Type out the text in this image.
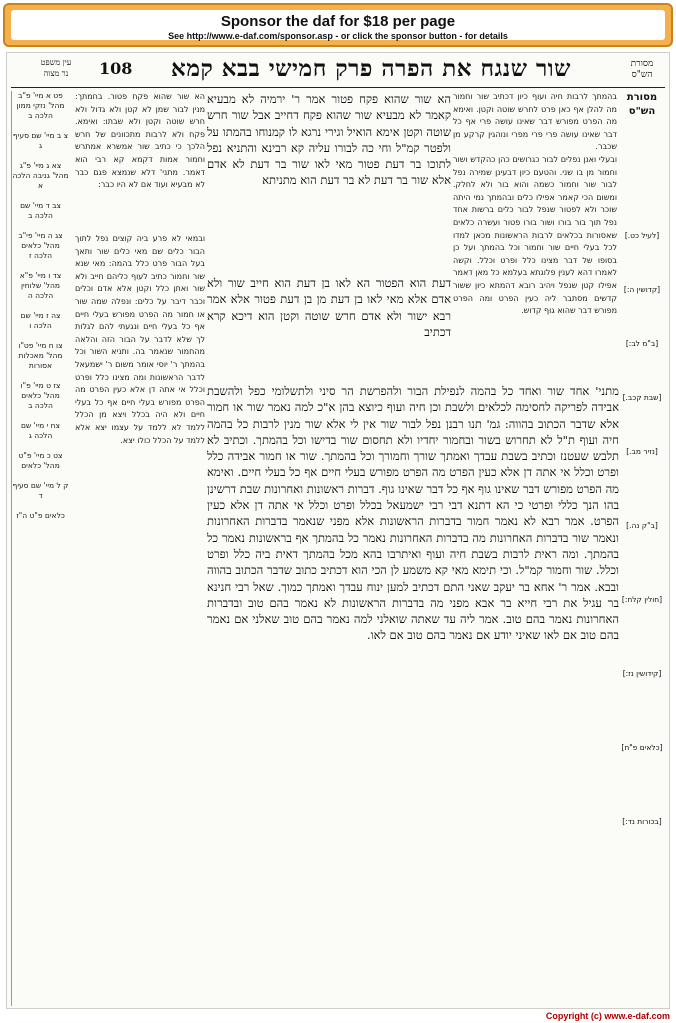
Sponsor the daf for $18 per page
See http://www.e-daf.com/sponsor.asp - or click the sponsor button - for details
עין משפט
נר מצוה	108	שור שנגח את הפרה פרק חמישי בבא קמא	מסורת
הש"ס
פט א מיי' פ"ב מהל' נזקי ממון הלכה ב
צ ב מיי' שם סעיף ג
צא ג מיי' פ"ג מהל' גניבה הלכה א
צב ד מיי' שם הלכה ב
צג ה מיי' פי"ב מהל' כלאים הלכה ז
צד ו מיי' פ"א מהל' שלוחין הלכה ה
צה ז מיי' שם הלכה ו
צו ח מיי' פט"ו מהל' מאכלות אסורות
צז ט מיי' פ"ו מהל' כלאים הלכה ב
צח י מיי' שם הלכה ג
צט כ מיי' פ"ט מהל' כלאים
ק ל מיי' שם סעיף ד
כלאים פ"ט ה"ז
הא שור שהוא פקח פטור. בחמתך: מנין לבור שמן לא קטן ולא גדול ולא חרש שוטה וקטן ולא שבתו: ואימא. פקח ולא לרבות מתכוונים של חרש הלכך כי כתיב שור אמשרא אמתרש וחמור אמות דקמא קא רבי הוא דאמר. מתני' דלא שנמצא פגם כבר לא מבעיא ועוד אם לא היו כבר:
ובמאי לא פרע ביה קוצים נפל לתוך הבור כלים שם מאי כלים שור ותאך בעל הבור פרט כלל בהמה: מאי שנא שור וחמור כתיב לעוף כליהם חייב ולא שור ואתן כלל וקטן אלא אדם וכלים וכבר דיבר על כלים: ונפלה שמה שור או חמור מה הפרט מפורש בעלי חיים אף כל בעלי חיים ונגעתי להם לגלות לך שלא לדבר על הבור הזה והלאה מהחמור שנאמר בה. ותניא השור וכל בהמתך ר' יוסי אומר משום ר' ישמעאל לדבר הראשונות ומה מצינו כלל ופרט וכלל אי אתה דן אלא כעין הפרט מה הפרט מפורש בעלי חיים אף כל בעלי חיים ולא היה בכלל ויצא מן הכלל ללמד לא ללמד על עצמו יצא אלא ללמד על הכלל כולו יצא.
הא שור שהוא פקח פטור אמר ר' ירמיה לא מבעיא קאמר לא מבעיא שור שהוא פקח דחייב אבל שור חרש שוטה וקטן אימא הואיל וגירי נרגא לו קמנוחו בהמתו על ולפטר קמ"ל וחי כה לבורו עליה קא רבינא והתניא נפל לתוכו בר דעת פטור מאי לאו שור בר דעת לא אדם אלא שור בר דעת לא בר דעת הוא מתניתא
דעת הוא הפטור הא לאו בן דעת הוא חייב שור ולא אדם אלא מאי לאו בן דעת מן בן דעת פטור אלא אמר רבא ישור ולא אדם חרש שוטה וקטן הוא דיכא קרא דכתיב
בהמתך לרבות חיה ועוף כיון דכתיב שור וחמור מה להלן אף כאן פרט לחרש שוטה וקטן. ואימא מה הפרט מפורש דבר שאינו עושה פרי אף כל דבר שאינו עושה פרי פרי מפרי ונוהגין קרקע מן שכבר.
ובעלי ואנן נפלים לבור כגרושים כהן כהקדש ושור וחמור מן בו שני. והטעם כיון דבעינן שמירה נפל לבור שור וחמור כשמה והוא בור ולא לחלק. ומשום הכי קאמר אפילו כלים ובהמתך נמי היתה שוכר ולא לפטור שנפל לבור כלים ברשות אחד נפל תוך בור בורו ושור בורו פטור ועשרה כלאים שאסורות בכלאים לרבות הראשונות מכאן למדו לכל בעלי חיים שור וחמור וכל בהמתך ועל כן בסופו של דבר מצינו כלל ופרט וכלל. וקשה לאמרו דהא לענין פלוגתא בעלמא כל מאן דאמר אפילו קטן שנפל ויהיב רובא דהמתא כיון ששור קדשים מסתבר ליה כעין הפרט ומה הפרט מפורש דבר שהוא גוף קדוש.
מתני' אחד שור ואחד כל בהמה לנפילת הבור ולהפרשת הר סיני ולתשלומי כפל ולהשבת אבידה לפריקה לחסימה לכלאים ולשבת וכן חיה ועוף כיוצא בהן א"כ למה נאמר שור או חמור אלא שדבר הכתוב בהווה: גמ' תנו רבנן נפל לבור שור אין לי אלא שור מנין לרבות כל בהמה חיה ועוף ת"ל לא תחרוש בשור ובחמור יחדיו ולא תחסום שור בדישו וכל בהמתך. וכתיב לא תלבש שעטנז וכתיב בשבת עבדך ואמתך שורך וחמורך וכל בהמתך. שור או חמור אבידה כלל ופרט וכלל אי אתה דן אלא כעין הפרט מה הפרט מפורש בעלי חיים אף כל בעלי חיים. ואימא מה הפרט מפורש דבר שאינו גוף אף כל דבר שאינו גוף. דברות ראשונות ואחרונות שבת דרשינן בהו הנך כללי ופרטי כי הא דתנא דבי רבי ישמעאל בכלל ופרט וכלל אי אתה דן אלא כעין הפרט. אמר רבא לא נאמר חמור בדברות הראשונות אלא מפני שנאמר בדברות האחרונות ונאמר שור בדברות האחרונות מה בדברות האחרונות נאמר כל בהמתך אף בראשונות נאמר כל בהמתך. ומה ראית לרבות בשבת חיה ועוף ואיתרבו בהא מכל בהמתך דאית ביה כלל ופרט וכלל. שור וחמור קמ"ל. וכי תימא מאי קא משמע לן הכי הוא דכתיב כתוב שדבר הכתוב בהווה ובבא. אמר ר' אחא בר יעקב שאני התם דכתיב למען ינוח עבדך ואמתך כמוך. שאל רבי חנינא בר עגיל את רבי חייא בר אבא מפני מה בדברות הראשונות לא נאמר בהם טוב ובדברות האחרונות נאמר בהם טוב. אמר ליה עד שאתה שואלני למה נאמר בהם טוב שאלני אם נאמר בהם טוב אם לאו שאיני יודע אם נאמר בהם טוב אם לאו.
מסורת
הש"ס
[לעיל כט.]
[קדושין ה:]
[ב"מ לב:]
[שבת קכב.]
[נזיר מב.]
[ב"ק נה.]
[חולין קלח:]
[קידושין נז:]
[כלאים פ"ח]
[בכורות נד:]
Copyright (c) www.e-daf.com
